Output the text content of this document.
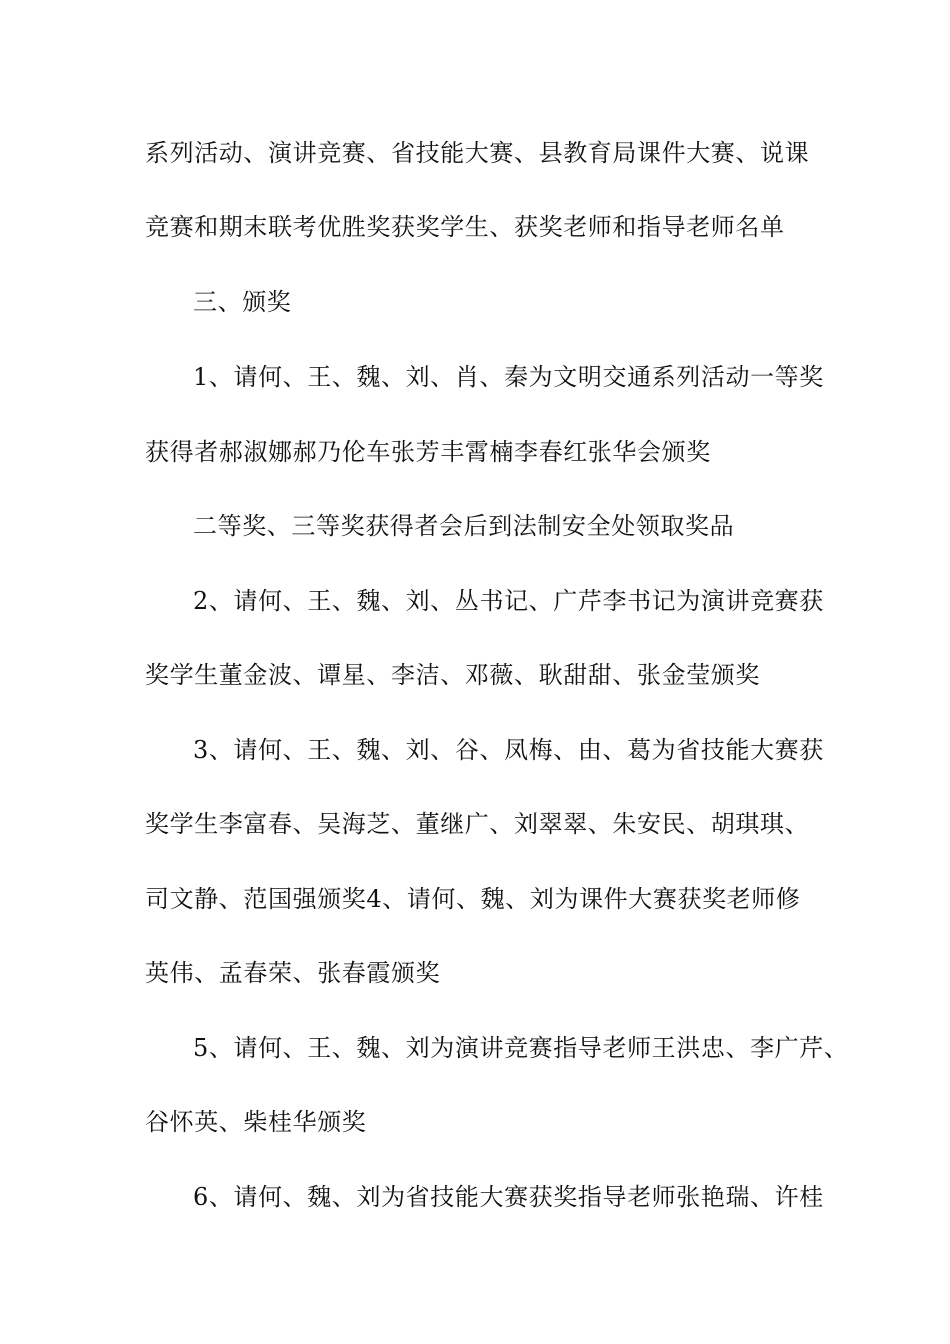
系列活动、演讲竞赛、省技能大赛、县教育局课件大赛、说课

竞赛和期末联考优胜奖获奖学生、获奖老师和指导老师名单

三、颁奖

1、请何、王、魏、刘、肖、秦为文明交通系列活动一等奖

获得者郝淑娜郝乃伦车张芳丰霄楠李春红张华会颁奖

二等奖、三等奖获得者会后到法制安全处领取奖品

2、请何、王、魏、刘、丛书记、广芹李书记为演讲竞赛获

奖学生董金波、谭星、李洁、邓薇、耿甜甜、张金莹颁奖

3、请何、王、魏、刘、谷、凤梅、由、葛为省技能大赛获

奖学生李富春、吴海芝、董继广、刘翠翠、朱安民、胡琪琪、

司文静、范国强颁奖4、请何、魏、刘为课件大赛获奖老师修

英伟、孟春荣、张春霞颁奖

5、请何、王、魏、刘为演讲竞赛指导老师王洪忠、李广芹、

谷怀英、柴桂华颁奖

6、请何、魏、刘为省技能大赛获奖指导老师张艳瑞、许桂
